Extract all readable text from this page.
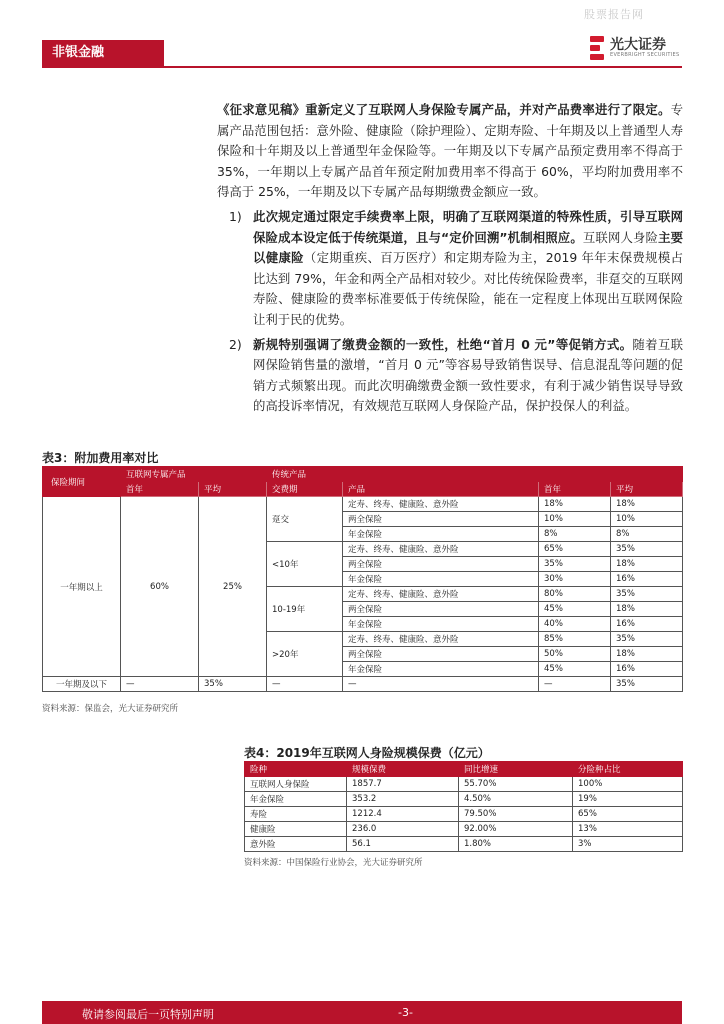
股票报告网
非银金融	光大证券
EVERBRIGHT SECURITIES
《征求意见稿》重新定义了互联网人身保险专属产品，并对产品费率进行了限定。专属产品范围包括：意外险、健康险（除护理险）、定期寿险、十年期及以上普通型人寿保险和十年期及以上普通型年金保险等。一年期及以下专属产品预定费用率不得高于 35%，一年期以上专属产品首年预定附加费用率不得高于 60%，平均附加费用率不得高于 25%，一年期及以下专属产品每期缴费金额应一致。
1) 此次规定通过限定手续费率上限，明确了互联网渠道的特殊性质，引导互联网保险成本设定低于传统渠道，且与“定价回溯”机制相照应。互联网人身险主要以健康险（定期重疾、百万医疗）和定期寿险为主，2019 年年末保费规模占比达到 79%，年金和两全产品相对较少。对比传统保险费率，非趸交的互联网寿险、健康险的费率标准要低于传统保险，能在一定程度上体现出互联网保险让利于民的优势。
2) 新规特别强调了缴费金额的一致性，杜绝“首月 0 元”等促销方式。随着互联网保险销售量的激增，“首月 0 元”等容易导致销售误导、信息混乱等问题的促销方式频繁出现。而此次明确缴费金额一致性要求，有利于减少销售误导导致的高投诉率情况，有效规范互联网人身保险产品，保护投保人的利益。
表3：附加费用率对比
保险期间	互联网专属产品		传统产品			
	首年	平均	交费期	产品	首年	平均
一年期以上	60%	25%	趸交	定寿、终寿、健康险、意外险	18%	18%
				两全保险	10%	10%
				年金保险	8%	8%
			<10年	定寿、终寿、健康险、意外险	65%	35%
				两全保险	35%	18%
				年金保险	30%	16%
			10-19年	定寿、终寿、健康险、意外险	80%	35%
				两全保险	45%	18%
				年金保险	40%	16%
			>20年	定寿、终寿、健康险、意外险	85%	35%
				两全保险	50%	18%
				年金保险	45%	16%
一年期及以下	—	35%	—	—	—	35%
资料来源：保监会，光大证券研究所
表4：2019年互联网人身险规模保费（亿元）
险种	规模保费	同比增速	分险种占比
互联网人身保险	1857.7	55.70%	100%
年金保险	353.2	4.50%	19%
寿险	1212.4	79.50%	65%
健康险	236.0	92.00%	13%
意外险	56.1	1.80%	3%
资料来源：中国保险行业协会，光大证券研究所
敬请参阅最后一页特别声明	-3-
